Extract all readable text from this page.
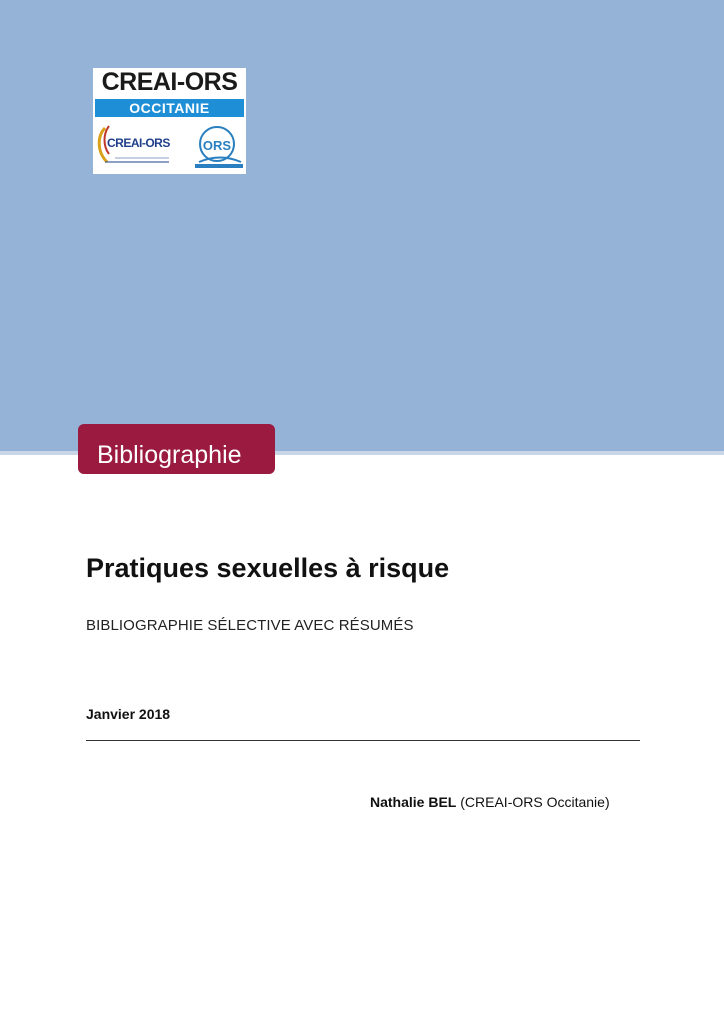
CREAI-ORS
OCCITANIE
CREAI-ORS	ORS
Bibliographie
Pratiques sexuelles à risque
BIBLIOGRAPHIE SÉLECTIVE AVEC RÉSUMÉS
Janvier 2018
Nathalie BEL (CREAI-ORS Occitanie)
